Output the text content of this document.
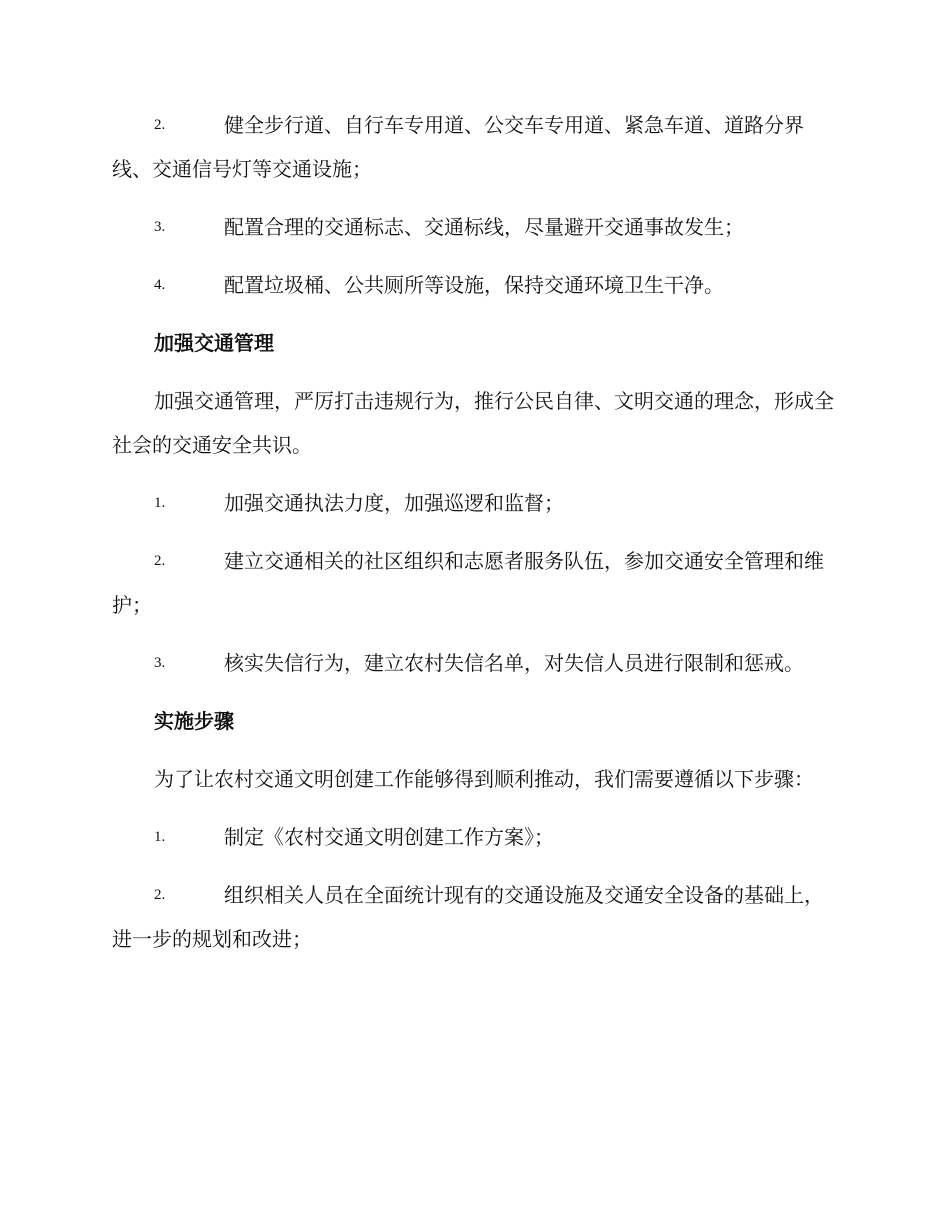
2.	健全步行道、自行车专用道、公交车专用道、紧急车道、道路分界线、交通信号灯等交通设施；

3.	配置合理的交通标志、交通标线，尽量避开交通事故发生；

4.	配置垃圾桶、公共厕所等设施，保持交通环境卫生干净。

加强交通管理

加强交通管理，严厉打击违规行为，推行公民自律、文明交通的理念，形成全社会的交通安全共识。

1.	加强交通执法力度，加强巡逻和监督；

2.	建立交通相关的社区组织和志愿者服务队伍，参加交通安全管理和维护；

3.	核实失信行为，建立农村失信名单，对失信人员进行限制和惩戒。

实施步骤

为了让农村交通文明创建工作能够得到顺利推动，我们需要遵循以下步骤：

1.	制定《农村交通文明创建工作方案》；

2.	组织相关人员在全面统计现有的交通设施及交通安全设备的基础上，进一步的规划和改进；
